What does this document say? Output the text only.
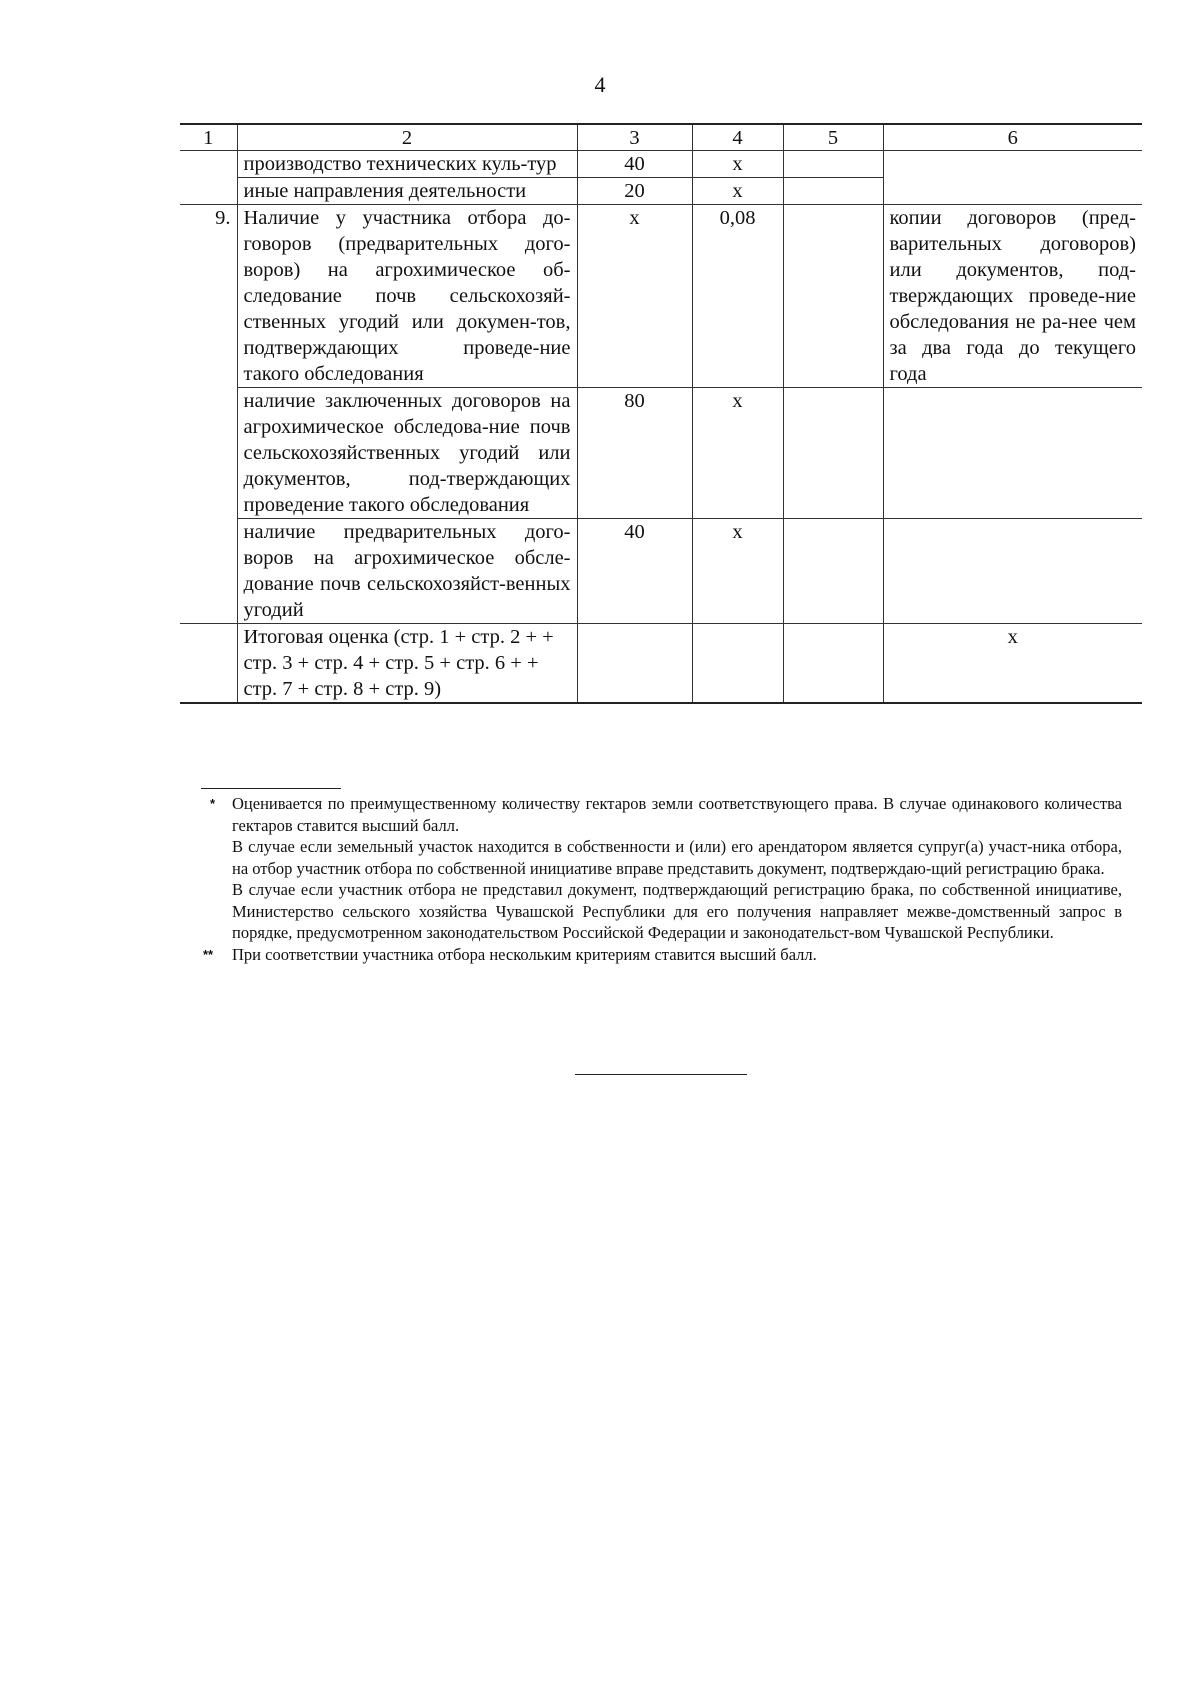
4
1	2	3	4	5	6
	производство технических куль-тур	40	х		
	иные направления деятельности	20	х		
9.	Наличие у участника отбора до-говоров (предварительных дого-воров) на агрохимическое об-следование почв сельскохозяй-ственных угодий или докумен-тов, подтверждающих проведе-ние такого обследования	х	0,08		копии договоров (пред-варительных договоров) или документов, под-тверждающих проведе-ние обследования не ра-нее чем за два года до текущего года
	наличие заключенных договоров на агрохимическое обследова-ние почв сельскохозяйственных угодий или документов, под-тверждающих проведение такого обследования	80	х		
	наличие предварительных дого-воров на агрохимическое обсле-дование почв сельскохозяйст-венных угодий	40	х		
	Итоговая оценка (стр. 1 + стр. 2 + + стр. 3 + стр. 4 + стр. 5 + стр. 6 + + стр. 7 + стр. 8 + стр. 9)				х

* Оценивается по преимущественному количеству гектаров земли соответствующего права. В случае одинакового количества гектаров ставится высший балл.

В случае если земельный участок находится в собственности и (или) его арендатором является супруг(а) участ-ника отбора, на отбор участник отбора по собственной инициативе вправе представить документ, подтверждаю-щий регистрацию брака.

В случае если участник отбора не представил документ, подтверждающий регистрацию брака, по собственной инициативе, Министерство сельского хозяйства Чувашской Республики для его получения направляет межве-домственный запрос в порядке, предусмотренном законодательством Российской Федерации и законодательст-вом Чувашской Республики.

** При соответствии участника отбора нескольким критериям ставится высший балл.
